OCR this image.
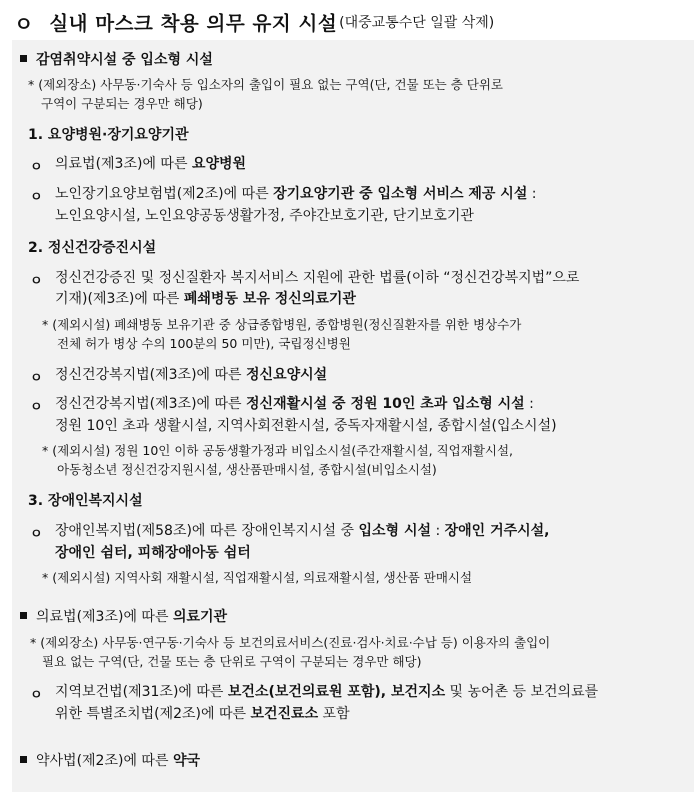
ㅇ 실내 마스크 착용 의무 유지 시설 (대중교통수단 일괄 삭제)
감염취약시설 중 입소형 시설
* (제외장소) 사무동·기숙사 등 입소자의 출입이 필요 없는 구역(단, 건물 또는 층 단위로
구역이 구분되는 경우만 해당)
1. 요양병원·장기요양기관
ㅇ 의료법(제3조)에 따른 요양병원
ㅇ 노인장기요양보험법(제2조)에 따른 장기요양기관 중 입소형 서비스 제공 시설 :
노인요양시설, 노인요양공동생활가정, 주야간보호기관, 단기보호기관
2. 정신건강증진시설
ㅇ 정신건강증진 및 정신질환자 복지서비스 지원에 관한 법률(이하 “정신건강복지법”으로
기재)(제3조)에 따른 폐쇄병동 보유 정신의료기관
* (제외시설) 폐쇄병동 보유기관 중 상급종합병원, 종합병원(정신질환자를 위한 병상수가
전체 허가 병상 수의 100분의 50 미만), 국립정신병원
ㅇ 정신건강복지법(제3조)에 따른 정신요양시설
ㅇ 정신건강복지법(제3조)에 따른 정신재활시설 중 정원 10인 초과 입소형 시설 :
정원 10인 초과 생활시설, 지역사회전환시설, 중독자재활시설, 종합시설(입소시설)
* (제외시설) 정원 10인 이하 공동생활가정과 비입소시설(주간재활시설, 직업재활시설,
아동청소년 정신건강지원시설, 생산품판매시설, 종합시설(비입소시설)
3. 장애인복지시설
ㅇ 장애인복지법(제58조)에 따른 장애인복지시설 중 입소형 시설 : 장애인 거주시설,
장애인 쉼터, 피해장애아동 쉼터
* (제외시설) 지역사회 재활시설, 직업재활시설, 의료재활시설, 생산품 판매시설
의료법(제3조)에 따른 의료기관
* (제외장소) 사무동·연구동·기숙사 등 보건의료서비스(진료·검사·치료·수납 등) 이용자의 출입이
필요 없는 구역(단, 건물 또는 층 단위로 구역이 구분되는 경우만 해당)
ㅇ 지역보건법(제31조)에 따른 보건소(보건의료원 포함), 보건지소 및 농어촌 등 보건의료를
위한 특별조치법(제2조)에 따른 보건진료소 포함
약사법(제2조)에 따른 약국
